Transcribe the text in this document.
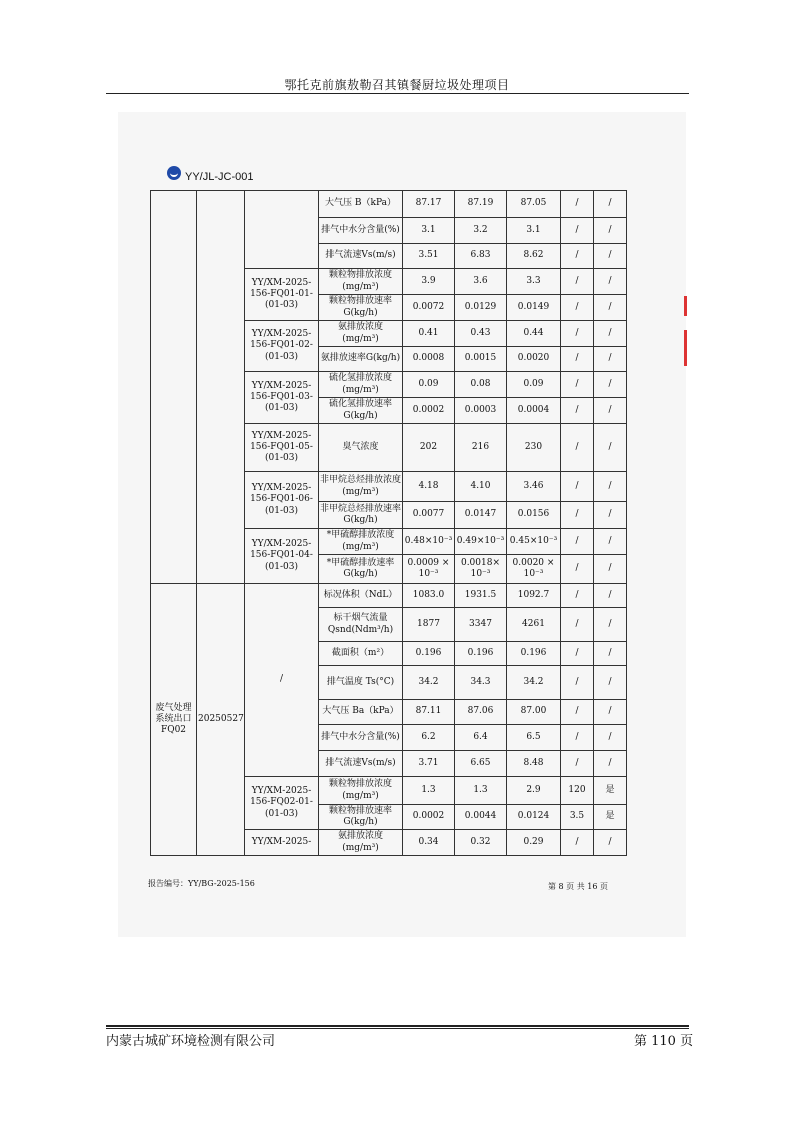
鄂托克前旗敖勒召其镇餐厨垃圾处理项目
YY/JL-JC-001
			大气压 B（kPa）	87.17	87.19	87.05	/	/
			排气中水分含量(%)	3.1	3.2	3.1	/	/
			排气流速Vs(m/s)	3.51	6.83	8.62	/	/
		YY/XM-2025-156-FQ01-01-(01-03)	颗粒物排放浓度(mg/m³)	3.9	3.6	3.3	/	/
			颗粒物排放速率G(kg/h)	0.0072	0.0129	0.0149	/	/
		YY/XM-2025-156-FQ01-02-(01-03)	氨排放浓度(mg/m³)	0.41	0.43	0.44	/	/
			氨排放速率G(kg/h)	0.0008	0.0015	0.0020	/	/
		YY/XM-2025-156-FQ01-03-(01-03)	硫化氢排放浓度(mg/m³)	0.09	0.08	0.09	/	/
			硫化氢排放速率G(kg/h)	0.0002	0.0003	0.0004	/	/
		YY/XM-2025-156-FQ01-05-(01-03)	臭气浓度	202	216	230	/	/
		YY/XM-2025-156-FQ01-06-(01-03)	非甲烷总烃排放浓度(mg/m³)	4.18	4.10	3.46	/	/
			非甲烷总烃排放速率G(kg/h)	0.0077	0.0147	0.0156	/	/
		YY/XM-2025-156-FQ01-04-(01-03)	*甲硫醇排放浓度(mg/m³)	0.48×10⁻³	0.49×10⁻³	0.45×10⁻³	/	/
			*甲硫醇排放速率G(kg/h)	0.0009 × 10⁻³	0.0018× 10⁻³	0.0020 × 10⁻³	/	/
废气处理系统出口FQ02	20250527	/	标况体积（NdL）	1083.0	1931.5	1092.7	/	/
			标干烟气流量Qsnd(Ndm³/h)	1877	3347	4261	/	/
			截面积（m²）	0.196	0.196	0.196	/	/
			排气温度 Ts(°C)	34.2	34.3	34.2	/	/
			大气压 Ba（kPa）	87.11	87.06	87.00	/	/
			排气中水分含量(%)	6.2	6.4	6.5	/	/
			排气流速Vs(m/s)	3.71	6.65	8.48	/	/
		YY/XM-2025-156-FQ02-01-(01-03)	颗粒物排放浓度(mg/m³)	1.3	1.3	2.9	120	是
			颗粒物排放速率G(kg/h)	0.0002	0.0044	0.0124	3.5	是
		YY/XM-2025-	氨排放浓度(mg/m³)	0.34	0.32	0.29	/	/
报告编号：YY/BG-2025-156	第 8 页 共 16 页
内蒙古城矿环境检测有限公司	第 110 页
